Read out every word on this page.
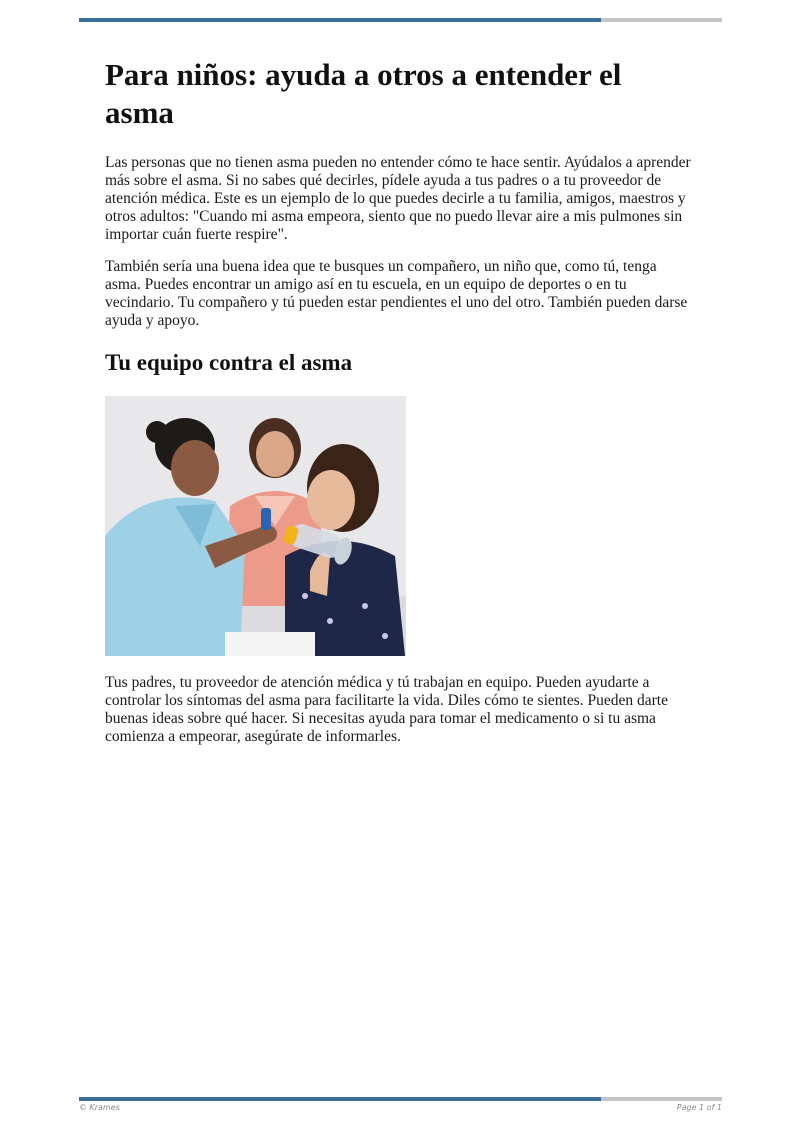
Para niños: ayuda a otros a entender el asma

Las personas que no tienen asma pueden no entender cómo te hace sentir. Ayúdalos a aprender más sobre el asma. Si no sabes qué decirles, pídele ayuda a tus padres o a tu proveedor de atención médica. Este es un ejemplo de lo que puedes decirle a tu familia, amigos, maestros y otros adultos: "Cuando mi asma empeora, siento que no puedo llevar aire a mis pulmones sin importar cuán fuerte respire".

También sería una buena idea que te busques un compañero, un niño que, como tú, tenga asma. Puedes encontrar un amigo así en tu escuela, en un equipo de deportes o en tu vecindario. Tu compañero y tú pueden estar pendientes el uno del otro. También pueden darse ayuda y apoyo.

Tu equipo contra el asma

Tus padres, tu proveedor de atención médica y tú trabajan en equipo. Pueden ayudarte a controlar los síntomas del asma para facilitarte la vida. Diles cómo te sientes. Pueden darte buenas ideas sobre qué hacer. Si necesitas ayuda para tomar el medicamento o si tu asma comienza a empeorar, asegúrate de informarles.

© Krames	Page 1 of 1
